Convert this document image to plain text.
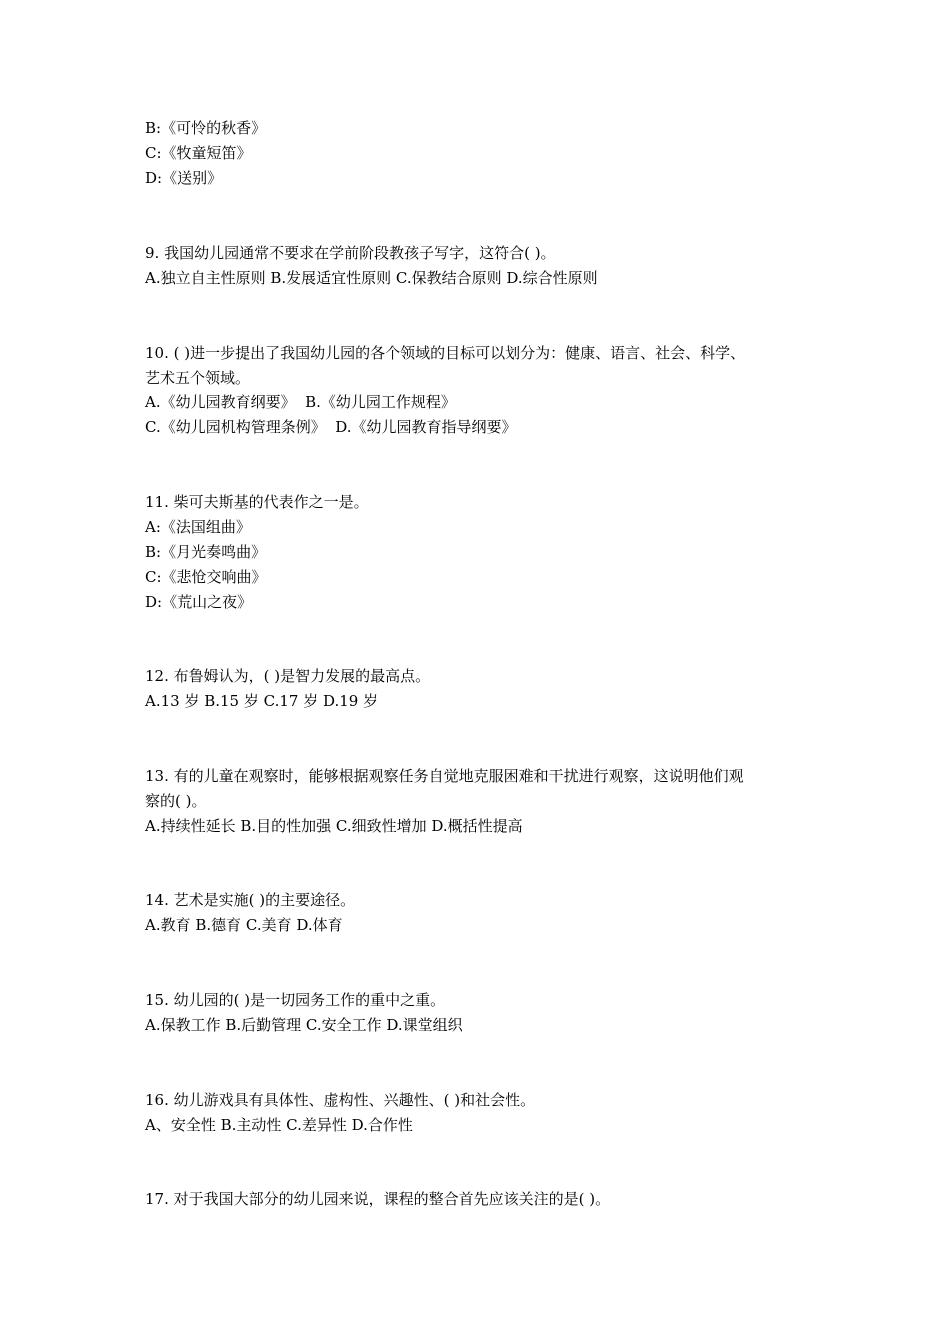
B:《可怜的秋香》
C:《牧童短笛》
D:《送别》
9. 我国幼儿园通常不要求在学前阶段教孩子写字，这符合( )。
A.独立自主性原则 B.发展适宜性原则 C.保教结合原则 D.综合性原则
10. ( )进一步提出了我国幼儿园的各个领域的目标可以划分为：健康、语言、社会、科学、
艺术五个领域。
A.《幼儿园教育纲要》  B.《幼儿园工作规程》
C.《幼儿园机构管理条例》  D.《幼儿园教育指导纲要》
11. 柴可夫斯基的代表作之一是。
A:《法国组曲》
B:《月光奏鸣曲》
C:《悲怆交响曲》
D:《荒山之夜》
12. 布鲁姆认为，( )是智力发展的最高点。
A.13 岁 B.15 岁 C.17 岁 D.19 岁
13. 有的儿童在观察时，能够根据观察任务自觉地克服困难和干扰进行观察，这说明他们观
察的( )。
A.持续性延长 B.目的性加强 C.细致性增加 D.概括性提高
14. 艺术是实施( )的主要途径。
A.教育 B.德育 C.美育 D.体育
15. 幼儿园的( )是一切园务工作的重中之重。
A.保教工作 B.后勤管理 C.安全工作 D.课堂组织
16. 幼儿游戏具有具体性、虚构性、兴趣性、( )和社会性。
A、安全性 B.主动性 C.差异性 D.合作性
17. 对于我国大部分的幼儿园来说，课程的整合首先应该关注的是( )。
